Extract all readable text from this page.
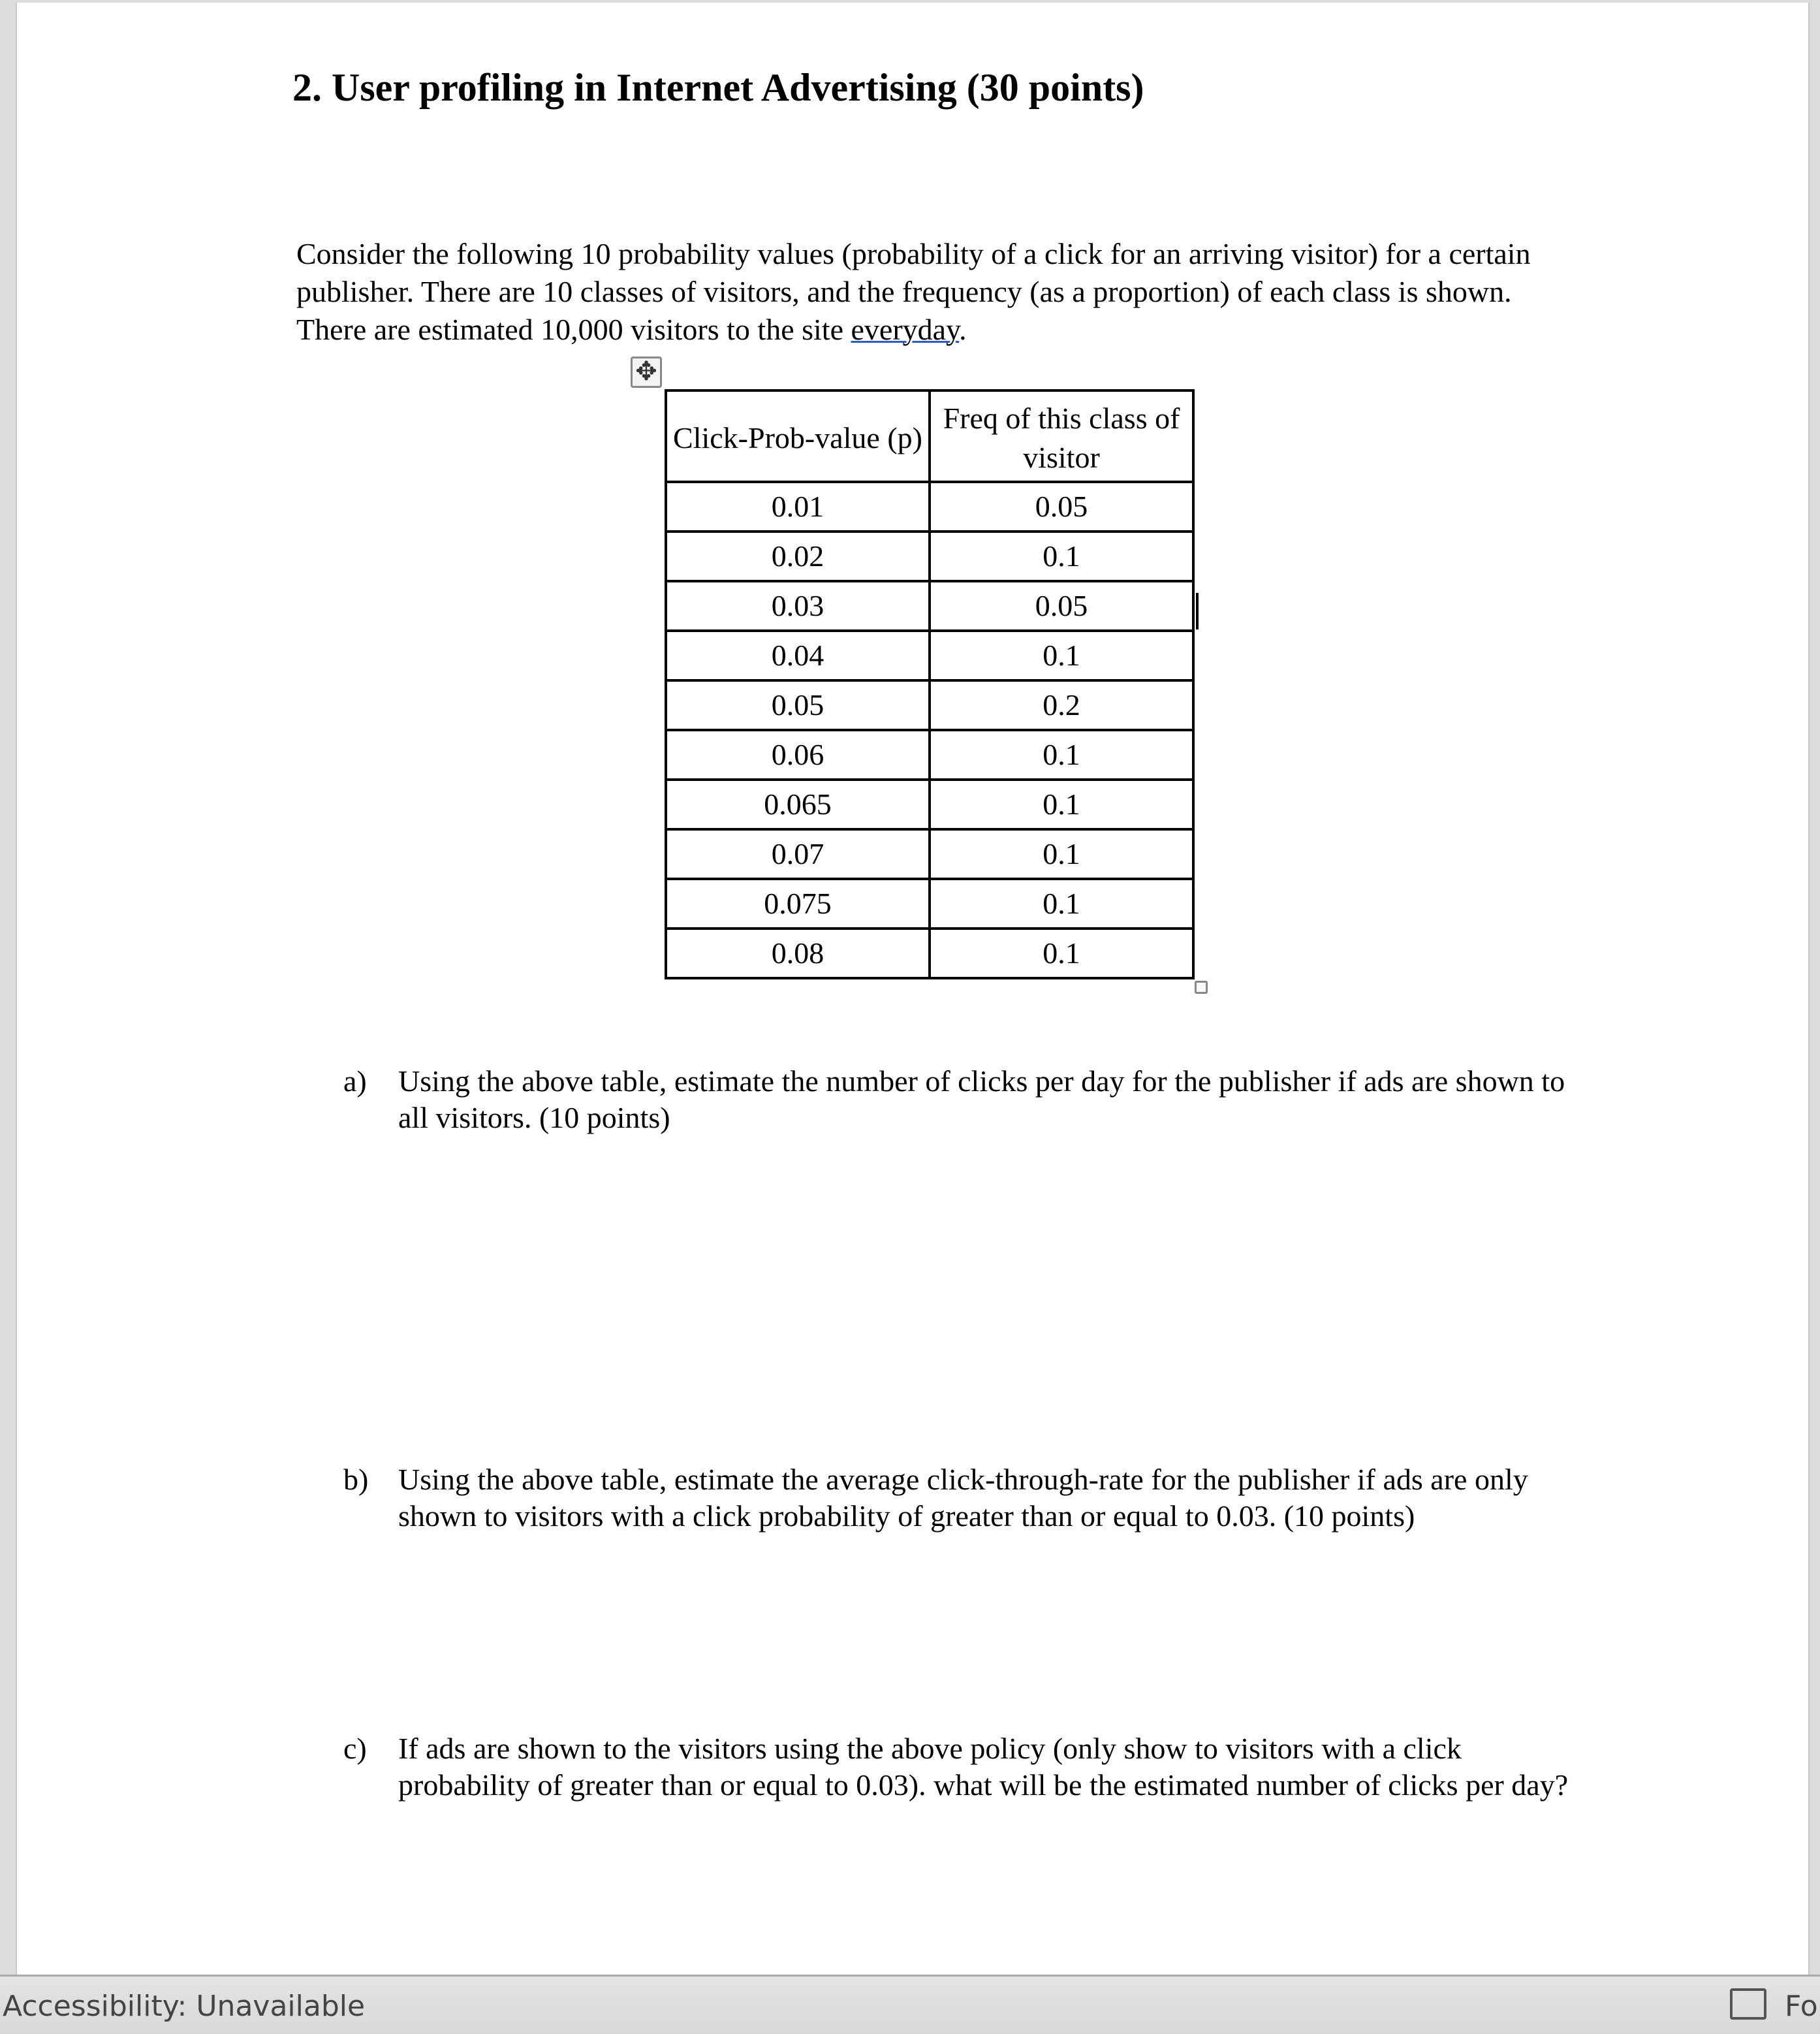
2. User profiling in Internet Advertising (30 points)
Consider the following 10 probability values (probability of a click for an arriving visitor) for a certain publisher. There are 10 classes of visitors, and the frequency (as a proportion) of each class is shown. There are estimated 10,000 visitors to the site everyday.
✥
Click-Prob-value (p)	Freq of this class of visitor
0.01	0.05
0.02	0.1
0.03	0.05
0.04	0.1
0.05	0.2
0.06	0.1
0.065	0.1
0.07	0.1
0.075	0.1
0.08	0.1
a)	Using the above table, estimate the number of clicks per day for the publisher if ads are shown to all visitors. (10 points)
b) Using the above table, estimate the average click-through-rate for the publisher if ads are only shown to visitors with a click probability of greater than or equal to 0.03. (10 points)
c)	If ads are shown to the visitors using the above policy (only show to visitors with a click probability of greater than or equal to 0.03). what will be the estimated number of clicks per day?
Accessibility: Unavailable	Fo
